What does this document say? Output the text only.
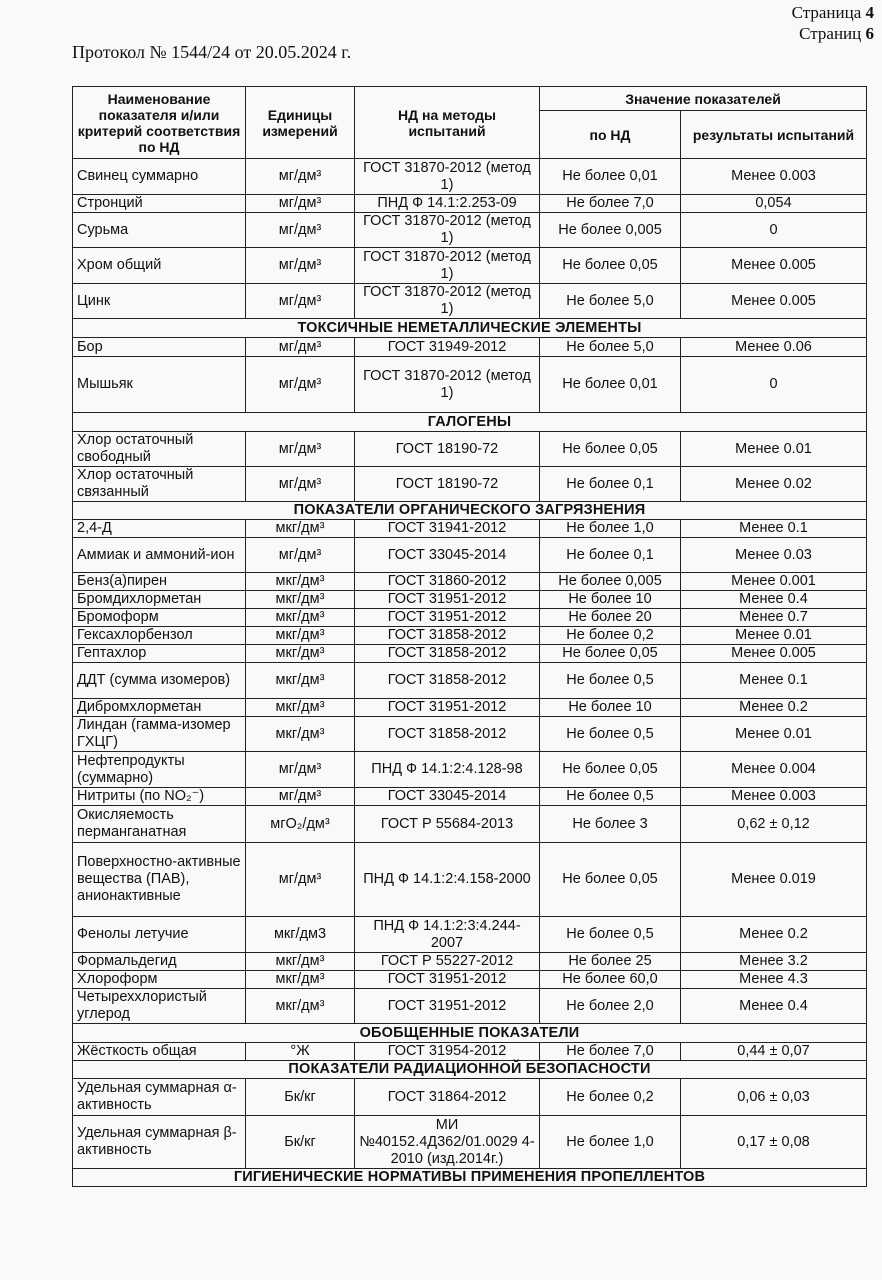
Страница 4
Страниц 6
Протокол № 1544/24 от 20.05.2024 г.
Наименование показателя и/или критерий соответствия по НД	Единицы измерений	НД на методы испытаний	Значение показателей	
			по НД	результаты испытаний
Свинец суммарно	мг/дм³	ГОСТ 31870-2012 (метод 1)	Не более 0,01	Менее 0.003
Стронций	мг/дм³	ПНД Ф 14.1:2.253-09	Не более 7,0	0,054
Сурьма	мг/дм³	ГОСТ 31870-2012 (метод 1)	Не более 0,005	0
Хром общий	мг/дм³	ГОСТ 31870-2012 (метод 1)	Не более 0,05	Менее 0.005
Цинк	мг/дм³	ГОСТ 31870-2012 (метод 1)	Не более 5,0	Менее 0.005
ТОКСИЧНЫЕ НЕМЕТАЛЛИЧЕСКИЕ ЭЛЕМЕНТЫ				
Бор	мг/дм³	ГОСТ 31949-2012	Не более 5,0	Менее 0.06
Мышьяк	мг/дм³	ГОСТ 31870-2012 (метод 1)	Не более 0,01	0
ГАЛОГЕНЫ				
Хлор остаточный свободный	мг/дм³	ГОСТ 18190-72	Не более 0,05	Менее 0.01
Хлор остаточный связанный	мг/дм³	ГОСТ 18190-72	Не более 0,1	Менее 0.02
ПОКАЗАТЕЛИ ОРГАНИЧЕСКОГО ЗАГРЯЗНЕНИЯ				
2,4-Д	мкг/дм³	ГОСТ 31941-2012	Не более 1,0	Менее 0.1
Аммиак и аммоний-ион	мг/дм³	ГОСТ 33045-2014	Не более 0,1	Менее 0.03
Бенз(а)пирен	мкг/дм³	ГОСТ 31860-2012	Не более 0,005	Менее 0.001
Бромдихлорметан	мкг/дм³	ГОСТ 31951-2012	Не более 10	Менее 0.4
Бромоформ	мкг/дм³	ГОСТ 31951-2012	Не более 20	Менее 0.7
Гексахлорбензол	мкг/дм³	ГОСТ 31858-2012	Не более 0,2	Менее 0.01
Гептахлор	мкг/дм³	ГОСТ 31858-2012	Не более 0,05	Менее 0.005
ДДТ (сумма изомеров)	мкг/дм³	ГОСТ 31858-2012	Не более 0,5	Менее 0.1
Дибромхлорметан	мкг/дм³	ГОСТ 31951-2012	Не более 10	Менее 0.2
Линдан (гамма-изомер ГХЦГ)	мкг/дм³	ГОСТ 31858-2012	Не более 0,5	Менее 0.01
Нефтепродукты (суммарно)	мг/дм³	ПНД Ф 14.1:2:4.128-98	Не более 0,05	Менее 0.004
Нитриты (по NO₂⁻)	мг/дм³	ГОСТ 33045-2014	Не более 0,5	Менее 0.003
Окисляемость перманганатная	мгO₂/дм³	ГОСТ Р 55684-2013	Не более 3	0,62 ± 0,12
Поверхностно-активные вещества (ПАВ), анионактивные	мг/дм³	ПНД Ф 14.1:2:4.158-2000	Не более 0,05	Менее 0.019
Фенолы летучие	мкг/дм3	ПНД Ф 14.1:2:3:4.244-2007	Не более 0,5	Менее 0.2
Формальдегид	мкг/дм³	ГОСТ Р 55227-2012	Не более 25	Менее 3.2
Хлороформ	мкг/дм³	ГОСТ 31951-2012	Не более 60,0	Менее 4.3
Четыреххлористый углерод	мкг/дм³	ГОСТ 31951-2012	Не более 2,0	Менее 0.4
ОБОБЩЕННЫЕ ПОКАЗАТЕЛИ				
Жёсткость общая	°Ж	ГОСТ 31954-2012	Не более 7,0	0,44 ± 0,07
ПОКАЗАТЕЛИ РАДИАЦИОННОЙ БЕЗОПАСНОСТИ				
Удельная суммарная α- активность	Бк/кг	ГОСТ 31864-2012	Не более 0,2	0,06 ± 0,03
Удельная суммарная β- активность	Бк/кг	МИ №40152.4Д362/01.0029 4-2010 (изд.2014г.)	Не более 1,0	0,17 ± 0,08
ГИГИЕНИЧЕСКИЕ НОРМАТИВЫ ПРИМЕНЕНИЯ ПРОПЕЛЛЕНТОВ				
